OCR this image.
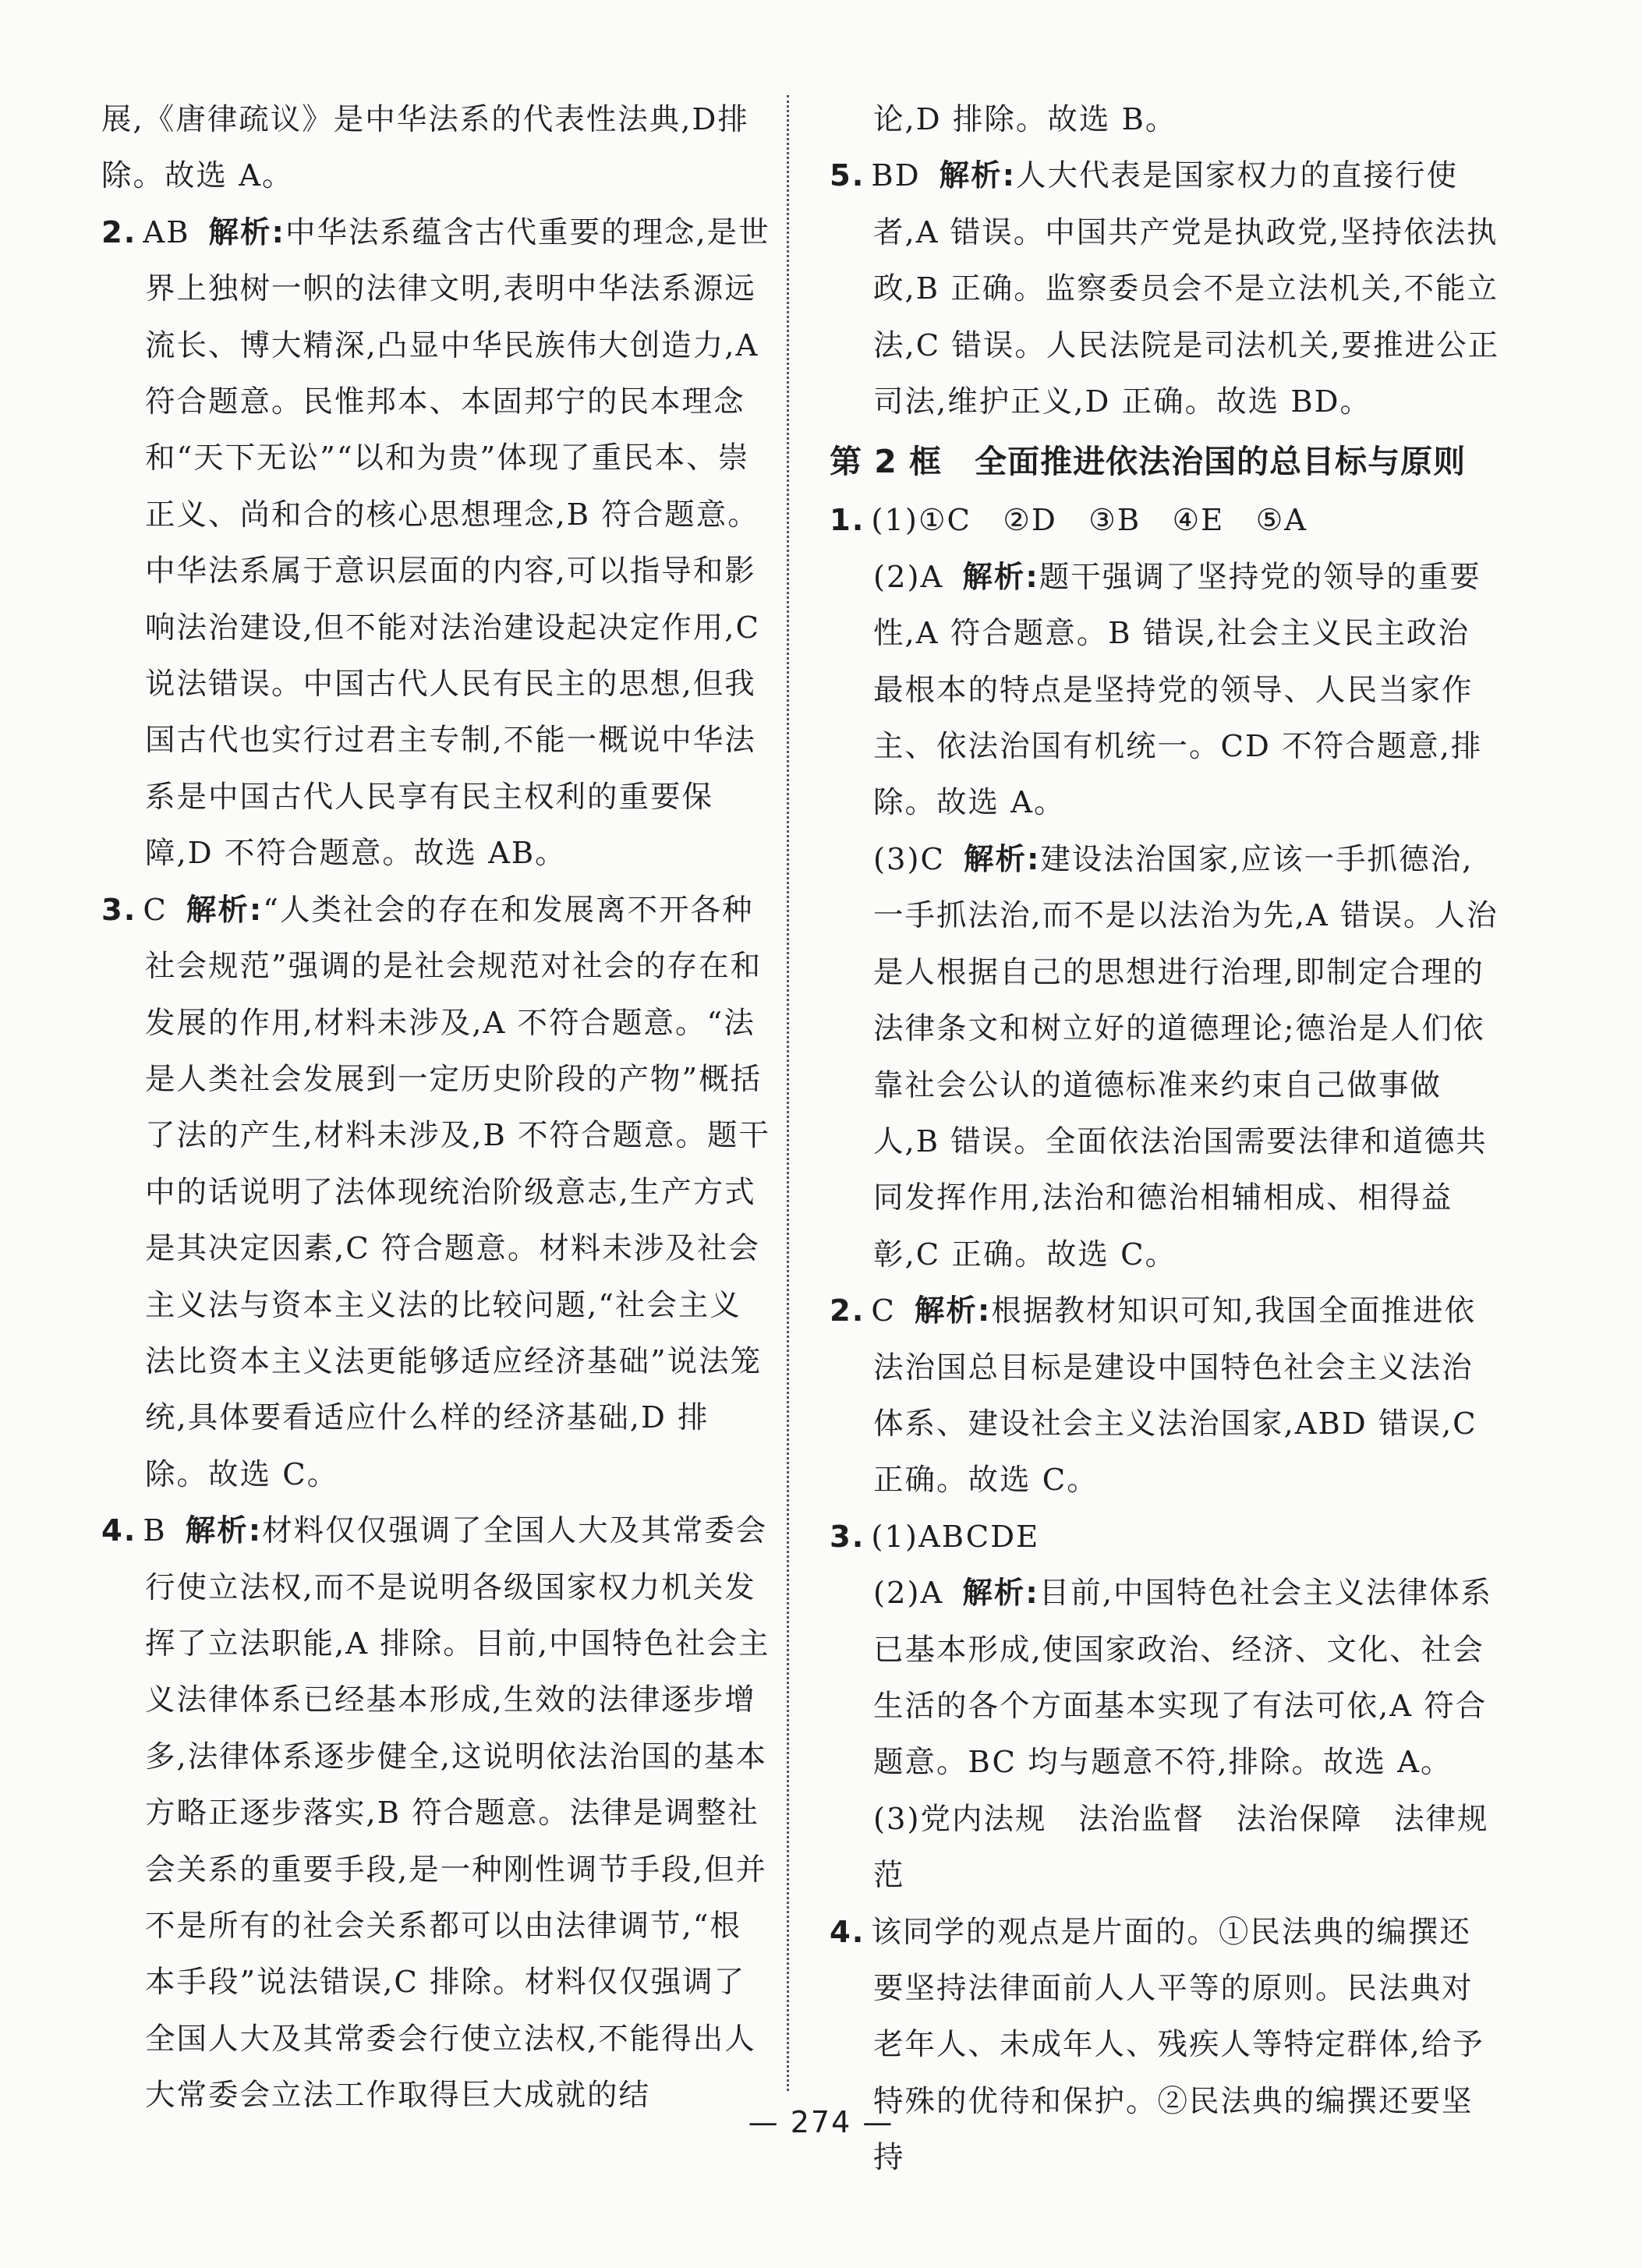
展,《唐律疏议》是中华法系的代表性法典,D排除。故选 A。

2. AB 解析:中华法系蕴含古代重要的理念,是世界上独树一帜的法律文明,表明中华法系源远流长、博大精深,凸显中华民族伟大创造力,A 符合题意。民惟邦本、本固邦宁的民本理念和“天下无讼”“以和为贵”体现了重民本、崇正义、尚和合的核心思想理念,B 符合题意。中华法系属于意识层面的内容,可以指导和影响法治建设,但不能对法治建设起决定作用,C 说法错误。中国古代人民有民主的思想,但我国古代也实行过君主专制,不能一概说中华法系是中国古代人民享有民主权利的重要保障,D 不符合题意。故选 AB。

3. C 解析:“人类社会的存在和发展离不开各种社会规范”强调的是社会规范对社会的存在和发展的作用,材料未涉及,A 不符合题意。“法是人类社会发展到一定历史阶段的产物”概括了法的产生,材料未涉及,B 不符合题意。题干中的话说明了法体现统治阶级意志,生产方式是其决定因素,C 符合题意。材料未涉及社会主义法与资本主义法的比较问题,“社会主义法比资本主义法更能够适应经济基础”说法笼统,具体要看适应什么样的经济基础,D 排除。故选 C。

4. B 解析:材料仅仅强调了全国人大及其常委会行使立法权,而不是说明各级国家权力机关发挥了立法职能,A 排除。目前,中国特色社会主义法律体系已经基本形成,生效的法律逐步增多,法律体系逐步健全,这说明依法治国的基本方略正逐步落实,B 符合题意。法律是调整社会关系的重要手段,是一种刚性调节手段,但并不是所有的社会关系都可以由法律调节,“根本手段”说法错误,C 排除。材料仅仅强调了全国人大及其常委会行使立法权,不能得出人大常委会立法工作取得巨大成就的结

论,D 排除。故选 B。

5. BD 解析:人大代表是国家权力的直接行使者,A 错误。中国共产党是执政党,坚持依法执政,B 正确。监察委员会不是立法机关,不能立法,C 错误。人民法院是司法机关,要推进公正司法,维护正义,D 正确。故选 BD。

第 2 框　全面推进依法治国的总目标与原则

1. (1)①C　②D　③B　④E　⑤A

(2)A 解析:题干强调了坚持党的领导的重要性,A 符合题意。B 错误,社会主义民主政治最根本的特点是坚持党的领导、人民当家作主、依法治国有机统一。CD 不符合题意,排除。故选 A。

(3)C 解析:建设法治国家,应该一手抓德治,一手抓法治,而不是以法治为先,A 错误。人治是人根据自己的思想进行治理,即制定合理的法律条文和树立好的道德理论;德治是人们依靠社会公认的道德标准来约束自己做事做人,B 错误。全面依法治国需要法律和道德共同发挥作用,法治和德治相辅相成、相得益彰,C 正确。故选 C。

2. C 解析:根据教材知识可知,我国全面推进依法治国总目标是建设中国特色社会主义法治体系、建设社会主义法治国家,ABD 错误,C 正确。故选 C。

3. (1)ABCDE

(2)A 解析:目前,中国特色社会主义法律体系已基本形成,使国家政治、经济、文化、社会生活的各个方面基本实现了有法可依,A 符合题意。BC 均与题意不符,排除。故选 A。

(3)党内法规　法治监督　法治保障　法律规范

4. 该同学的观点是片面的。①民法典的编撰还要坚持法律面前人人平等的原则。民法典对老年人、未成年人、残疾人等特定群体,给予特殊的优待和保护。②民法典的编撰还要坚持

— 274 —
